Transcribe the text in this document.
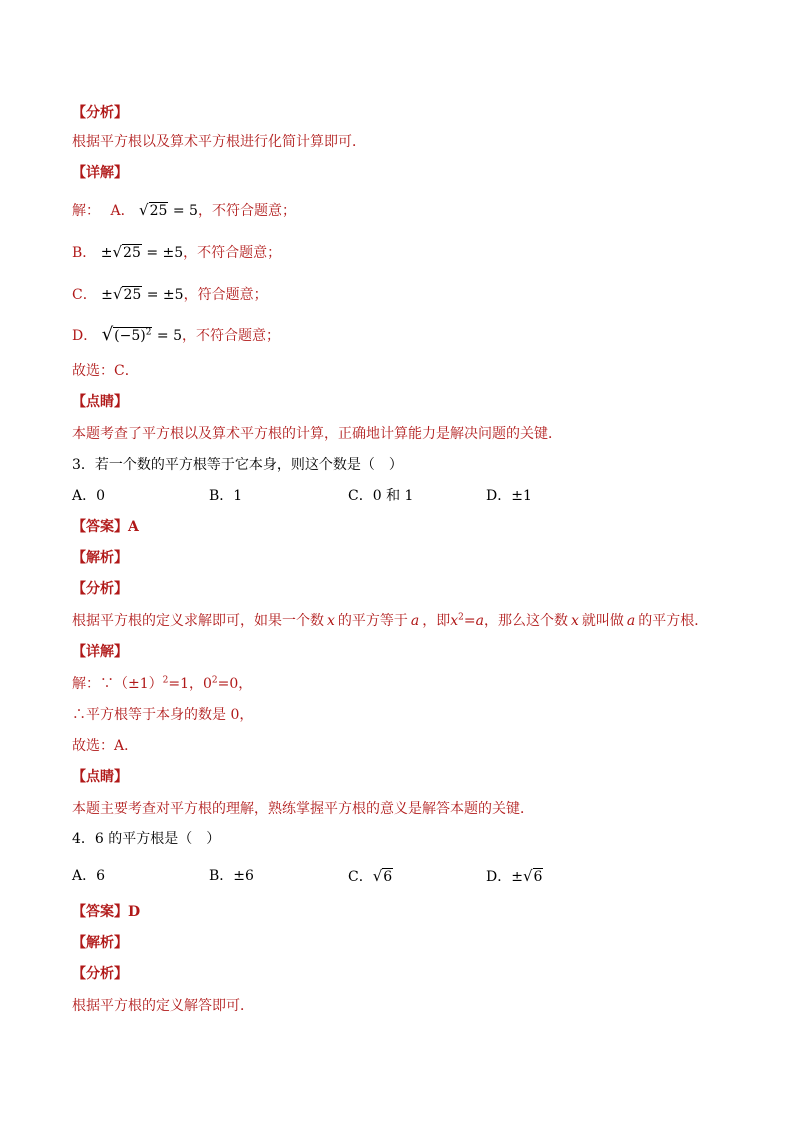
【分析】
根据平方根以及算术平方根进行化简计算即可．
【详解】
解： A． √25 = 5，不符合题意；
B． ±√25 = ±5，不符合题意；
C． ±√25 = ±5，符合题意；
D． $√(-5)^2 = 5$，不符合题意；
故选：C．
【点睛】
本题考查了平方根以及算术平方根的计算，正确地计算能力是解决问题的关键．
3．若一个数的平方根等于它本身，则这个数是（　）
A．0	B．1	C．0 和 1	D．±1
【答案】A
【解析】
【分析】
根据平方根的定义求解即可，如果一个数 x 的平方等于 a ，即$x^2=a$，那么这个数 x 就叫做 a 的平方根．
【详解】
解：$\because(\pm 1)^2=1$，$0^2=0$，
∴平方根等于本身的数是 0，
故选：A．
【点睛】
本题主要考查对平方根的理解，熟练掌握平方根的意义是解答本题的关键．
4．6 的平方根是（　）
A．6	B．±6	C．√6	D．±√6
【答案】D
【解析】
【分析】
根据平方根的定义解答即可．
